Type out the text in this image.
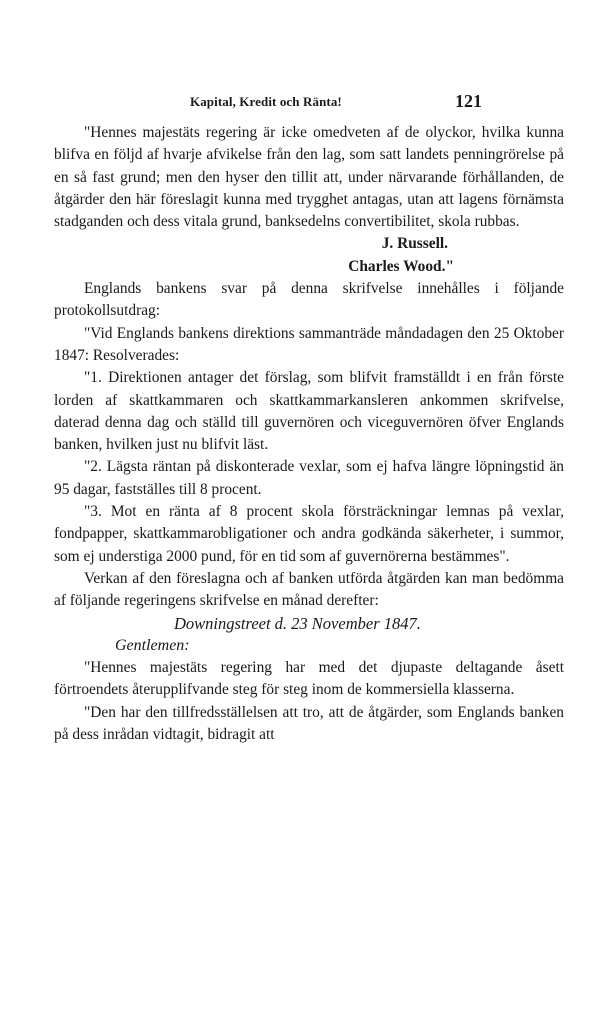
Kapital, Kredit och Ränta!	121

"Hennes majestäts regering är icke omedveten af de olyckor, hvilka kunna blifva en följd af hvarje afvikelse från den lag, som satt landets penningrörelse på en så fast grund; men den hyser den tillit att, under närvarande förhållanden, de åtgärder den här föreslagit kunna med trygghet antagas, utan att lagens förnämsta stadganden och dess vitala grund, banksedelns convertibilitet, skola rubbas.

J. Russell.

Charles Wood."

Englands bankens svar på denna skrifvelse innehålles i följande protokollsutdrag:

"Vid Englands bankens direktions sammanträde måndadagen den 25 Oktober 1847: Resolverades:

"1. Direktionen antager det förslag, som blifvit framställdt i en från förste lorden af skattkammaren och skattkammarkansleren ankommen skrifvelse, daterad denna dag och ställd till guvernören och viceguvernören öfver Englands banken, hvilken just nu blifvit läst.

"2. Lägsta räntan på diskonterade vexlar, som ej hafva längre löpningstid än 95 dagar, fastställes till 8 procent.

"3. Mot en ränta af 8 procent skola försträckningar lemnas på vexlar, fondpapper, skattkammarobligationer och andra godkända säkerheter, i summor, som ej understiga 2000 pund, för en tid som af guvernörerna bestämmes".

Verkan af den föreslagna och af banken utförda åtgärden kan man bedömma af följande regeringens skrifvelse en månad derefter:

Downingstreet d. 23 November 1847.

Gentlemen:

"Hennes majestäts regering har med det djupaste deltagande åsett förtroendets återupplifvande steg för steg inom de kommersiella klasserna.

"Den har den tillfredsställelsen att tro, att de åtgärder, som Englands banken på dess inrådan vidtagit, bidragit att
